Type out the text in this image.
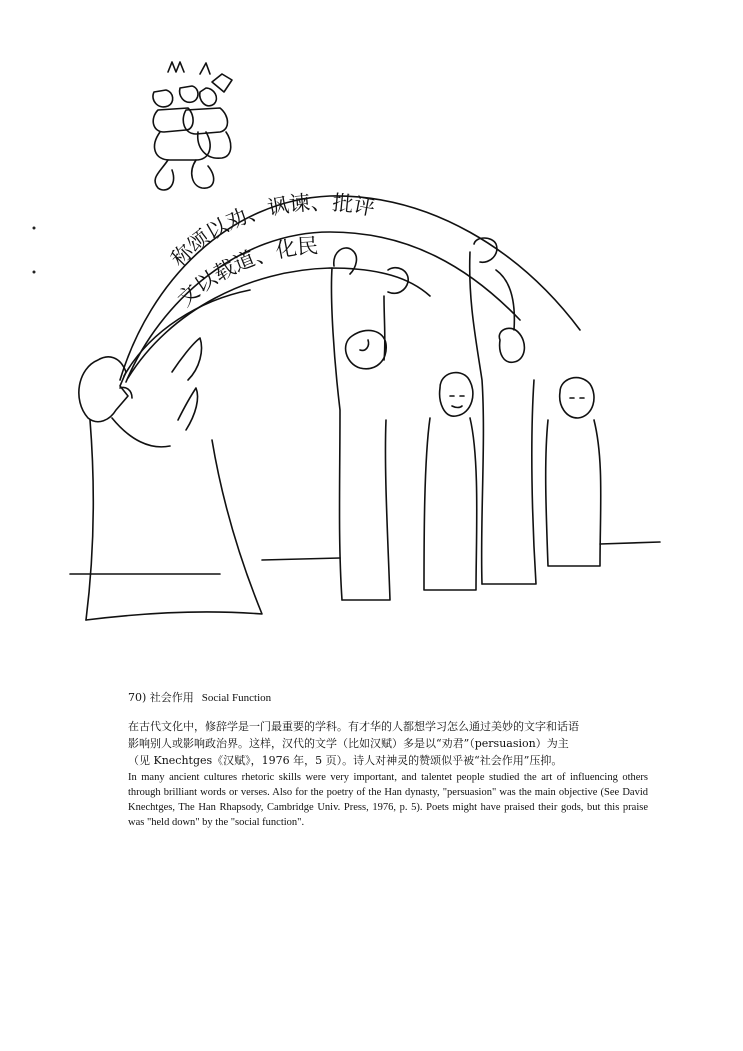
称颂以劝、讽谏、批评
文以载道、化民
70) 社会作用 Social Function

在古代文化中，修辞学是一门最重要的学科。有才华的人都想学习怎么通过美妙的文字和话语

影响别人或影响政治界。这样，汉代的文学（比如汉赋）多是以“劝君”（persuasion）为主

（见 Knechtges《汉赋》，1976 年，5 页）。诗人对神灵的赞颂似乎被“社会作用”压抑。

In many ancient cultures rhetoric skills were very important, and talentet people studied the art of influencing others through brilliant words or verses. Also for the poetry of the Han dynasty, "persuasion" was the main objective (See David Knechtges, The Han Rhapsody, Cambridge Univ. Press, 1976, p. 5). Poets might have praised their gods, but this praise was "held down" by the "social function".
